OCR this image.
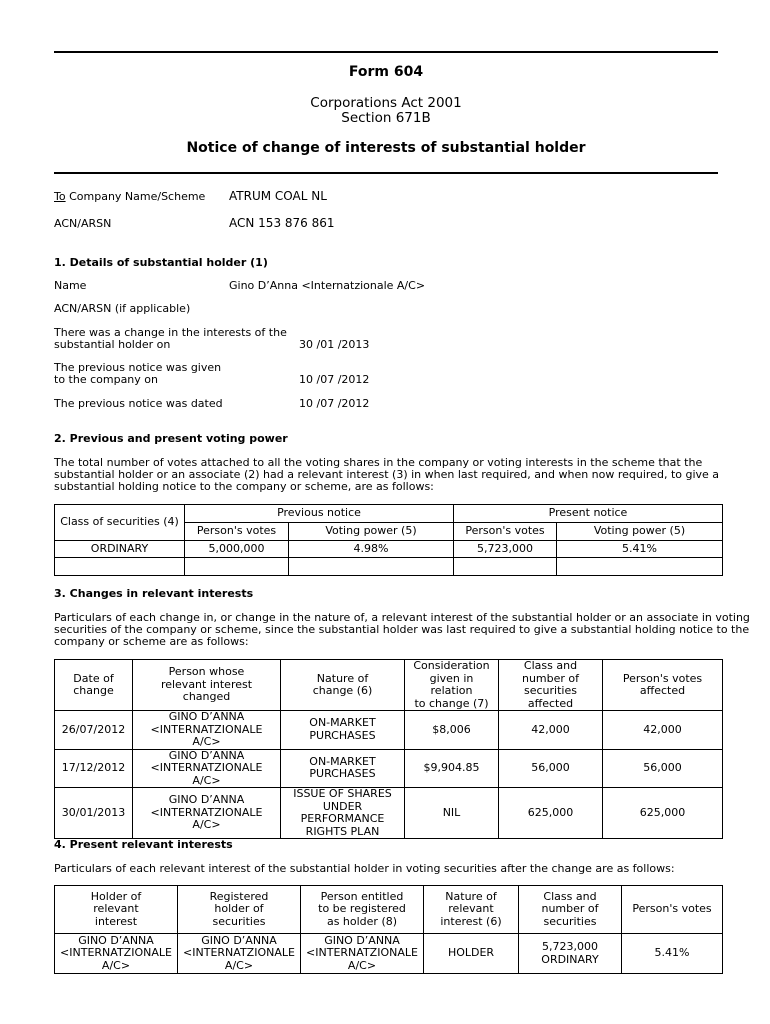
Form 604
Corporations Act 2001
Section 671B
Notice of change of interests of substantial holder
To Company Name/Scheme ATRUM COAL NL
ACN/ARSN	ACN 153 876 861
1. Details of substantial holder (1)
Name	Gino D’Anna <Internatzionale A/C>
ACN/ARSN (if applicable)
There was a change in the interests of the
substantial holder on	30 /01 /2013
The previous notice was given
to the company on	10 /07 /2012
The previous notice was dated	10 /07 /2012
2. Previous and present voting power
The total number of votes attached to all the voting shares in the company or voting interests in the scheme that the
substantial holder or an associate (2) had a relevant interest (3) in when last required, and when now required, to give a
substantial holding notice to the company or scheme, are as follows:
Class of securities (4)	Previous notice		Present notice	
	Person's votes	Voting power (5)	Person's votes	Voting power (5)
ORDINARY	5,000,000	4.98%	5,723,000	5.41%

3. Changes in relevant interests
Particulars of each change in, or change in the nature of, a relevant interest of the substantial holder or an associate in voting
securities of the company or scheme, since the substantial holder was last required to give a substantial holding notice to the
company or scheme are as follows:
Date of
change	Person whose
relevant interest
changed	Nature of
change (6)	Consideration
given in relation
to change (7)	Class and
number of
securities
affected	Person's votes
affected
26/07/2012	GINO D’ANNA
<INTERNATZIONALE
A/C>	ON-MARKET
PURCHASES	$8,006	42,000	42,000
17/12/2012	GINO D’ANNA
<INTERNATZIONALE
A/C>	ON-MARKET
PURCHASES	$9,904.85	56,000	56,000
30/01/2013	GINO D’ANNA
<INTERNATZIONALE
A/C>	ISSUE OF SHARES
UNDER
PERFORMANCE
RIGHTS PLAN	NIL	625,000	625,000
4. Present relevant interests
Particulars of each relevant interest of the substantial holder in voting securities after the change are as follows:
Holder of
relevant
interest	Registered
holder of
securities	Person entitled
to be registered
as holder (8)	Nature of
relevant
interest (6)	Class and
number of
securities	Person's votes
GINO D’ANNA
<INTERNATZIONALE
A/C>	GINO D’ANNA
<INTERNATZIONALE
A/C>	GINO D’ANNA
<INTERNATZIONALE
A/C>	HOLDER	5,723,000
ORDINARY	5.41%
